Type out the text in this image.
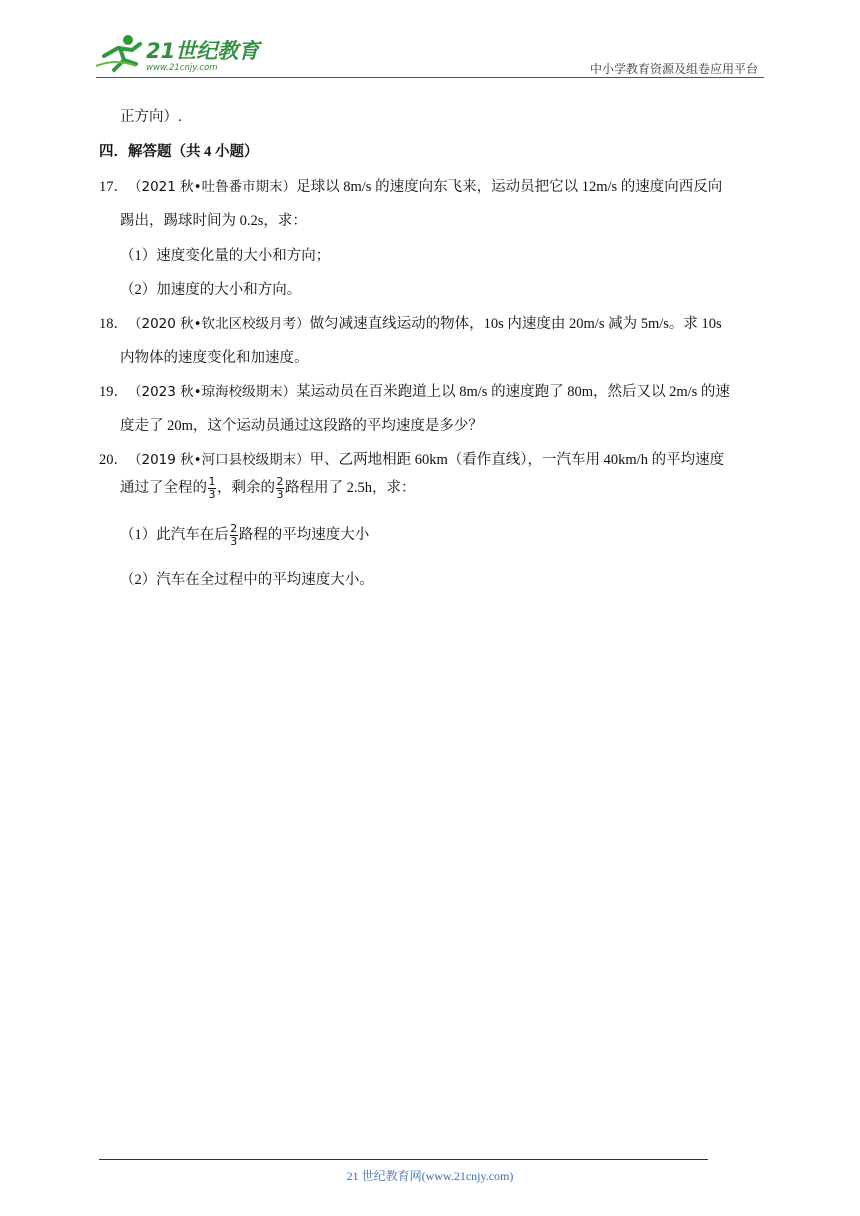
21世纪教育
www.21cnjy.com	中小学教育资源及组卷应用平台
正方向）.
四．解答题（共 4 小题）
17．（2021 秋•吐鲁番市期末）足球以 8m/s 的速度向东飞来，运动员把它以 12m/s 的速度向西反向
踢出，踢球时间为 0.2s，求：
（1）速度变化量的大小和方向；
（2）加速度的大小和方向。
18．（2020 秋•钦北区校级月考）做匀减速直线运动的物体，10s 内速度由 20m/s 减为 5m/s。求 10s
内物体的速度变化和加速度。
19．（2023 秋•琼海校级期末）某运动员在百米跑道上以 8m/s 的速度跑了 80m，然后又以 2m/s 的速
度走了 20m，这个运动员通过这段路的平均速度是多少？
20．（2019 秋•河口县校级期末）甲、乙两地相距 60km（看作直线），一汽车用 40km/h 的平均速度
通过了全程的 $\frac{1}{3}$ ，剩余的 $\frac{2}{3}$ 路程用了 2.5h，求：
（1）此汽车在后 $\frac{2}{3}$ 路程的平均速度大小
（2）汽车在全过程中的平均速度大小。
21 世纪教育网(www.21cnjy.com)
